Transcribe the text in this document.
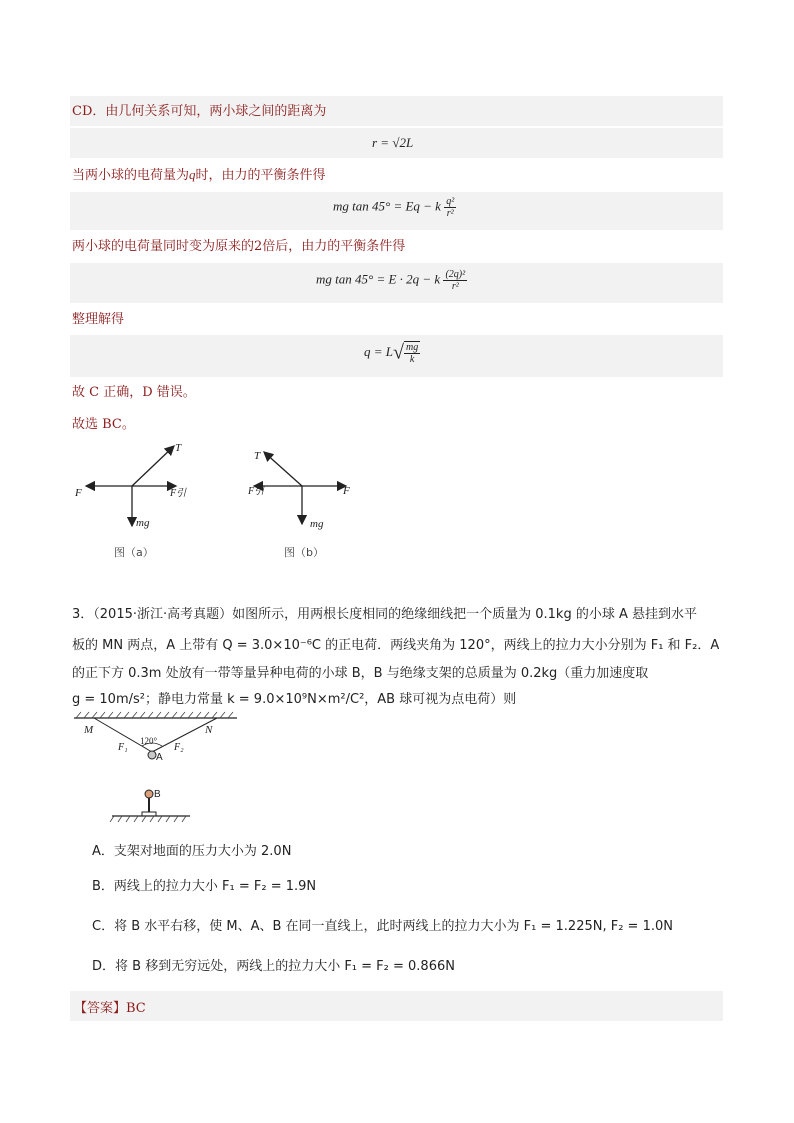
CD．由几何关系可知，两小球之间的距离为
r = √2L
当两小球的电荷量为q时，由力的平衡条件得
mg tan 45° = Eq − k $\frac{\text{q²}}{\text{r²}}$
两小球的电荷量同时变为原来的2倍后，由力的平衡条件得
mg tan 45° = E · 2q − k $\frac{\text{(2q)²}}{\text{r²}}$
整理解得
$q = L√ \frac{mg}{k}$
故 C 正确，D 错误。
故选 BC。
T
F	F引
mg
图（a）
T
F引	F
mg
图（b）
3．（2015·浙江·高考真题）如图所示，用两根长度相同的绝缘细线把一个质量为 0.1kg 的小球 A 悬挂到水平
板的 MN 两点，A 上带有 Q = 3.0×10⁻⁶C 的正电荷．两线夹角为 120°，两线上的拉力大小分别为 F₁ 和 F₂．A
的正下方 0.3m 处放有一带等量异种电荷的小球 B，B 与绝缘支架的总质量为 0.2kg（重力加速度取
g = 10m/s²；静电力常量 k = 9.0×10⁹N×m²/C²，AB 球可视为点电荷）则
M	N
120°
F₁	F₂
A
B
A．支架对地面的压力大小为 2.0N
B．两线上的拉力大小 F₁ = F₂ = 1.9N
C．将 B 水平右移，使 M、A、B 在同一直线上，此时两线上的拉力大小为 F₁ = 1.225N, F₂ = 1.0N
D．将 B 移到无穷远处，两线上的拉力大小 F₁ = F₂ = 0.866N
【答案】BC
